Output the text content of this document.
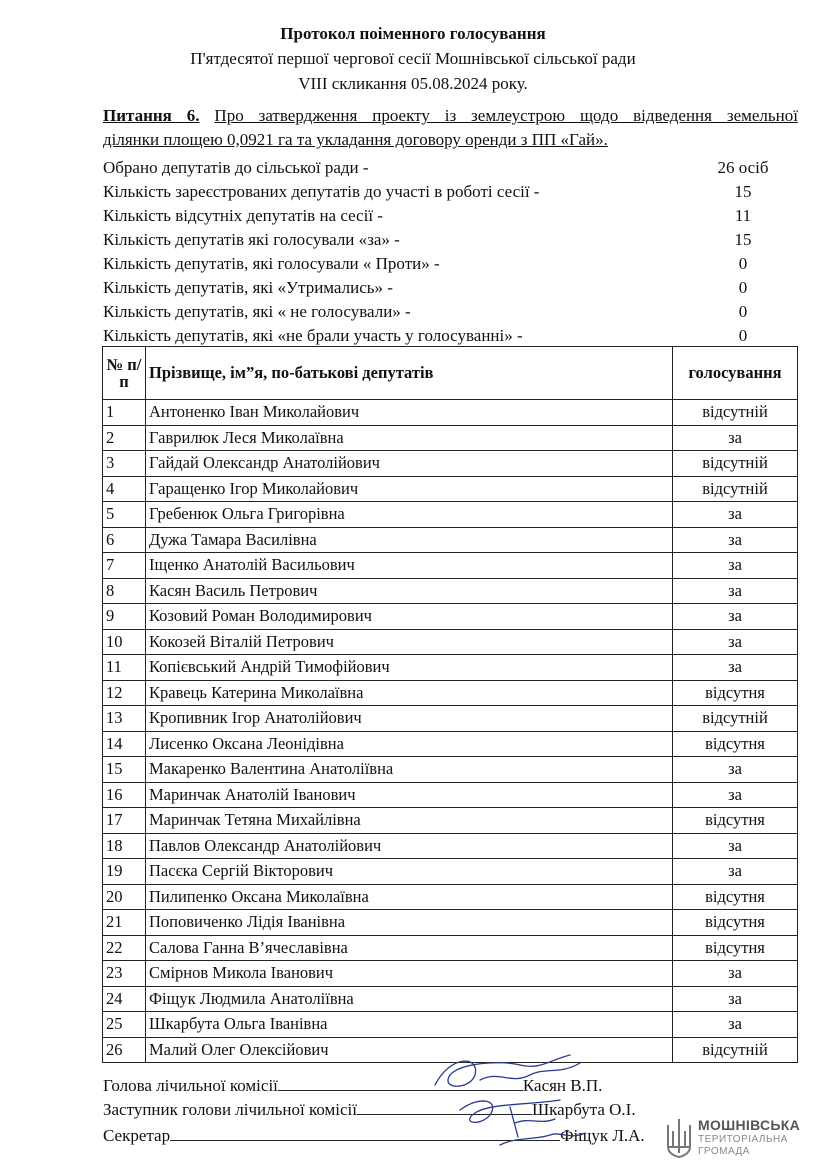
Протокол поіменного голосування
П'ятдесятої першої чергової сесії Мошнівської сільської ради
VIII скликання 05.08.2024 року.
Питання 6. Про затвердження проекту із землеустрою щодо відведення земельної
ділянки площею 0,0921 га та укладання договору оренди з ПП «Гай».
Обрано депутатів до сільської ради -	26 осіб
Кількість зареєстрованих депутатів до участі в роботі сесії -	15
Кількість відсутніх депутатів на сесії -	11
Кількість депутатів які голосували «за» -	15
Кількість депутатів, які голосували « Проти» -	0
Кількість депутатів, які «Утримались» -	0
Кількість депутатів, які « не голосували» -	0
Кількість депутатів, які «не брали участь у голосуванні» -	0
№ п/п	Прізвище, ім”я, по-батькові депутатів	голосування
1	Антоненко Іван Миколайович	відсутній
2	Гаврилюк Леся Миколаївна	за
3	Гайдай Олександр Анатолійович	відсутній
4	Гаращенко Ігор Миколайович	відсутній
5	Гребенюк Ольга Григорівна	за
6	Дужа Тамара Василівна	за
7	Іщенко Анатолій Васильович	за
8	Касян Василь Петрович	за
9	Козовий Роман Володимирович	за
10	Кокозей Віталій Петрович	за
11	Копієвський Андрій Тимофійович	за
12	Кравець Катерина Миколаївна	відсутня
13	Кропивник Ігор Анатолійович	відсутній
14	Лисенко Оксана Леонідівна	відсутня
15	Макаренко Валентина Анатоліївна	за
16	Маринчак Анатолій Іванович	за
17	Маринчак Тетяна Михайлівна	відсутня
18	Павлов Олександр Анатолійович	за
19	Пасєка Сергій Вікторович	за
20	Пилипенко Оксана Миколаївна	відсутня
21	Поповиченко Лідія Іванівна	відсутня
22	Салова Ганна В’ячеславівна	відсутня
23	Смірнов Микола Іванович	за
24	Фіщук Людмила Анатоліївна	за
25	Шкарбута Ольга Іванівна	за
26	Малий Олег Олексійович	відсутній
Голова лічильної комісії	Касян В.П.
Заступник голови лічильної комісії	Шкарбута О.І.
Секретар	Фіщук Л.А.
МОШНІВСЬКА
ТЕРИТОРІАЛЬНА
ГРОМАДА
